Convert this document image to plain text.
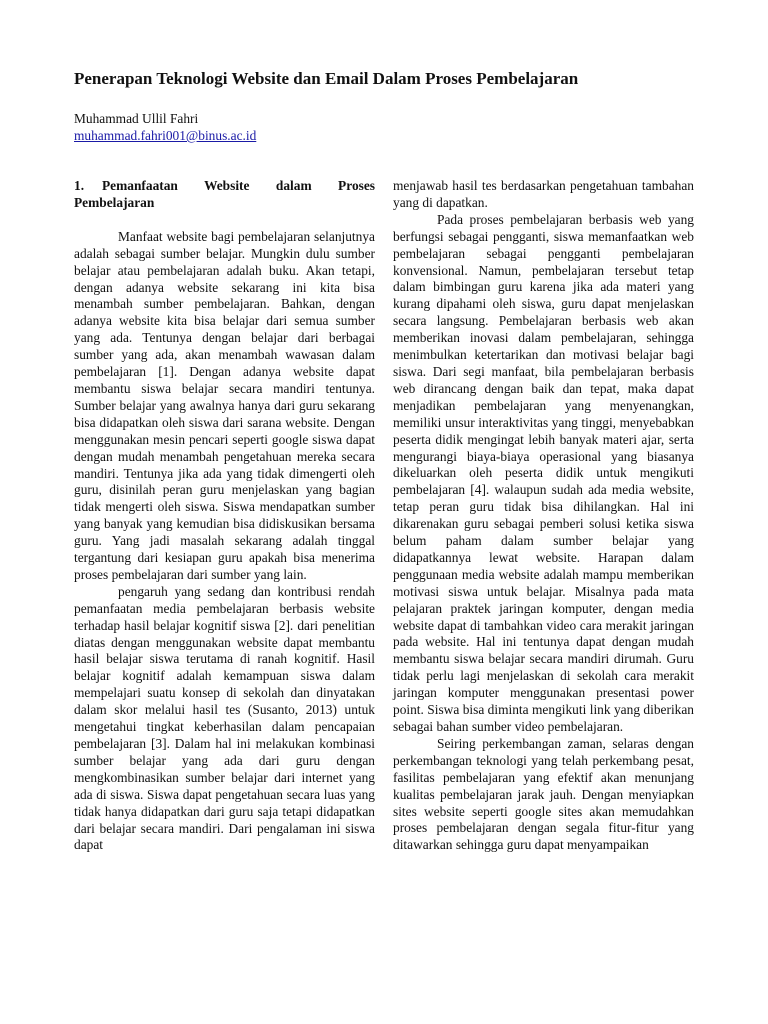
Penerapan Teknologi Website dan Email Dalam Proses Pembelajaran
Muhammad Ullil Fahri
muhammad.fahri001@binus.ac.id

1. Pemanfaatan Website dalam Proses Pembelajaran

Manfaat website bagi pembelajaran selanjutnya adalah sebagai sumber belajar. Mungkin dulu sumber belajar atau pembelajaran adalah buku. Akan tetapi, dengan adanya website sekarang ini kita bisa menambah sumber pembelajaran. Bahkan, dengan adanya website kita bisa belajar dari semua sumber yang ada. Tentunya dengan belajar dari berbagai sumber yang ada, akan menambah wawasan dalam pembelajaran [1]. Dengan adanya website dapat membantu siswa belajar secara mandiri tentunya. Sumber belajar yang awalnya hanya dari guru sekarang bisa didapatkan oleh siswa dari sarana website. Dengan menggunakan mesin pencari seperti google siswa dapat dengan mudah menambah pengetahuan mereka secara mandiri. Tentunya jika ada yang tidak dimengerti oleh guru, disinilah peran guru menjelaskan yang bagian tidak mengerti oleh siswa. Siswa mendapatkan sumber yang banyak yang kemudian bisa didiskusikan bersama guru. Yang jadi masalah sekarang adalah tinggal tergantung dari kesiapan guru apakah bisa menerima proses pembelajaran dari sumber yang lain.

pengaruh yang sedang dan kontribusi rendah pemanfaatan media pembelajaran berbasis website terhadap hasil belajar kognitif siswa [2]. dari penelitian diatas dengan menggunakan website dapat membantu hasil belajar siswa terutama di ranah kognitif. Hasil belajar kognitif adalah kemampuan siswa dalam mempelajari suatu konsep di sekolah dan dinyatakan dalam skor melalui hasil tes (Susanto, 2013) untuk mengetahui tingkat keberhasilan dalam pencapaian pembelajaran [3]. Dalam hal ini melakukan kombinasi sumber belajar yang ada dari guru dengan mengkombinasikan sumber belajar dari internet yang ada di siswa. Siswa dapat pengetahuan secara luas yang tidak hanya didapatkan dari guru saja tetapi didapatkan dari belajar secara mandiri. Dari pengalaman ini siswa dapat

menjawab hasil tes berdasarkan pengetahuan tambahan yang di dapatkan.

Pada proses pembelajaran berbasis web yang berfungsi sebagai pengganti, siswa memanfaatkan web pembelajaran sebagai pengganti pembelajaran konvensional. Namun, pembelajaran tersebut tetap dalam bimbingan guru karena jika ada materi yang kurang dipahami oleh siswa, guru dapat menjelaskan secara langsung. Pembelajaran berbasis web akan memberikan inovasi dalam pembelajaran, sehingga menimbulkan ketertarikan dan motivasi belajar bagi siswa. Dari segi manfaat, bila pembelajaran berbasis web dirancang dengan baik dan tepat, maka dapat menjadikan pembelajaran yang menyenangkan, memiliki unsur interaktivitas yang tinggi, menyebabkan peserta didik mengingat lebih banyak materi ajar, serta mengurangi biaya-biaya operasional yang biasanya dikeluarkan oleh peserta didik untuk mengikuti pembelajaran [4]. walaupun sudah ada media website, tetap peran guru tidak bisa dihilangkan. Hal ini dikarenakan guru sebagai pemberi solusi ketika siswa belum paham dalam sumber belajar yang didapatkannya lewat website. Harapan dalam penggunaan media website adalah mampu memberikan motivasi siswa untuk belajar. Misalnya pada mata pelajaran praktek jaringan komputer, dengan media website dapat di tambahkan video cara merakit jaringan pada website. Hal ini tentunya dapat dengan mudah membantu siswa belajar secara mandiri dirumah. Guru tidak perlu lagi menjelaskan di sekolah cara merakit jaringan komputer menggunakan presentasi power point. Siswa bisa diminta mengikuti link yang diberikan sebagai bahan sumber video pembelajaran.

Seiring perkembangan zaman, selaras dengan perkembangan teknologi yang telah perkembang pesat, fasilitas pembelajaran yang efektif akan menunjang kualitas pembelajaran jarak jauh. Dengan menyiapkan sites website seperti google sites akan memudahkan proses pembelajaran dengan segala fitur-fitur yang ditawarkan sehingga guru dapat menyampaikan
